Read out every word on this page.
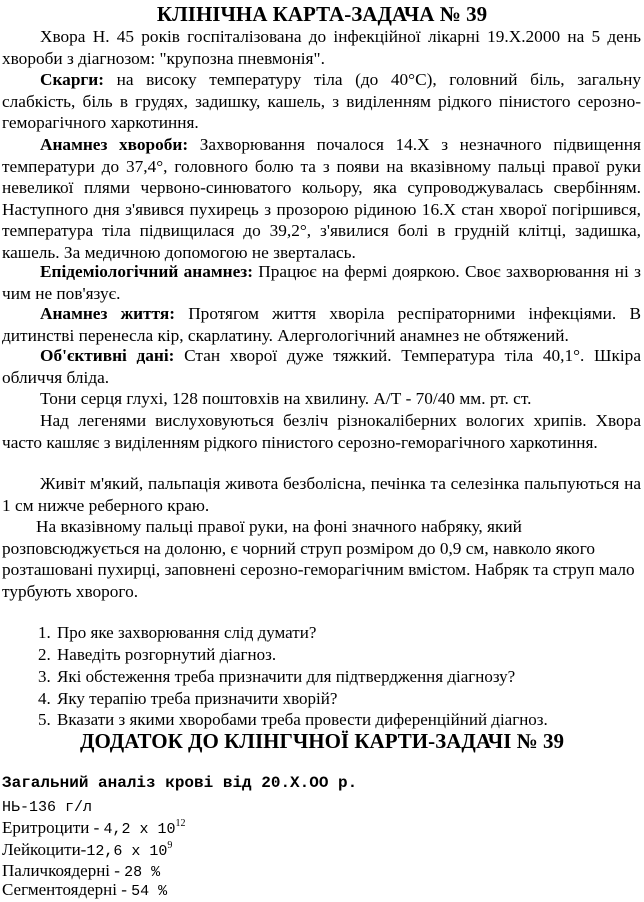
КЛІНІЧНА КАРТА-ЗАДАЧА № 39
Хвора Н. 45 років госпіталізована до інфекційної лікарні 19.Х.2000 на 5 день хвороби з діагнозом: "крупозна пневмонія".
Скарги: на високу температуру тіла (до 40°С), головний біль, загальну слабкість, біль в грудях, задишку, кашель, з виділенням рідкого пінистого серозно-геморагічного харкотиння.
Анамнез хвороби: Захворювання почалося 14.Х з незначного підвищення температури до 37,4°, головного болю та з появи на вказівному пальці правої руки невеликої плями червоно-синюватого кольору, яка супроводжувалась свербінням. Наступного дня з'явився пухирець з прозорою рідиною 16.Х стан хворої погіршився, температура тіла підвищилася до 39,2°, з'явилися болі в грудній клітці, задишка, кашель. За медичною допомогою не зверталась.
Епідеміологічний анамнез: Працює на фермі дояркою. Своє захворювання ні з чим не пов'язує.
Анамнез життя: Протягом життя хворіла респіраторними інфекціями. В дитинстві перенесла кір, скарлатину. Алергологічний анамнез не обтяжений.
Об'єктивні дані: Стан хворої дуже тяжкий. Температура тіла 40,1°. Шкіра обличчя бліда.
Тони серця глухі, 128 поштовхів на хвилину. А/Т - 70/40 мм. рт. ст.
Над легенями вислуховуються безліч різнокаліберних вологих хрипів. Хвора часто кашляє з виділенням рідкого пінистого серозно-геморагічного харкотиння.
Живіт м'який, пальпація живота безболісна, печінка та селезінка пальпуються на 1 см нижче реберного краю.
На вказівному пальці правої руки, на фоні значного набряку, який розповсюджується на долоню, є чорний струп розміром до 0,9 см, навколо якого розташовані пухирці, заповнені серозно-геморагічним вмістом. Набряк та струп мало турбують хворого.
1. Про яке захворювання слід думати?
2. Наведіть розгорнутий діагноз.
3. Які обстеження треба призначити для підтвердження діагнозу?
4. Яку терапію треба призначити хворій?
5. Вказати з якими хворобами треба провести диференційний діагноз.
ДОДАТОК ДО КЛІНГЧНОЇ КАРТИ-ЗАДАЧІ № 39
Загальний аналіз крові від 20.Х.ОО р.
НЬ-136 г/л
Еритроцити - 4,2 х $10^{12}$
Лейкоцити-12,6 х $10^9$
Паличкоядерні - 28 %
Сегментоядерні - 54 %
